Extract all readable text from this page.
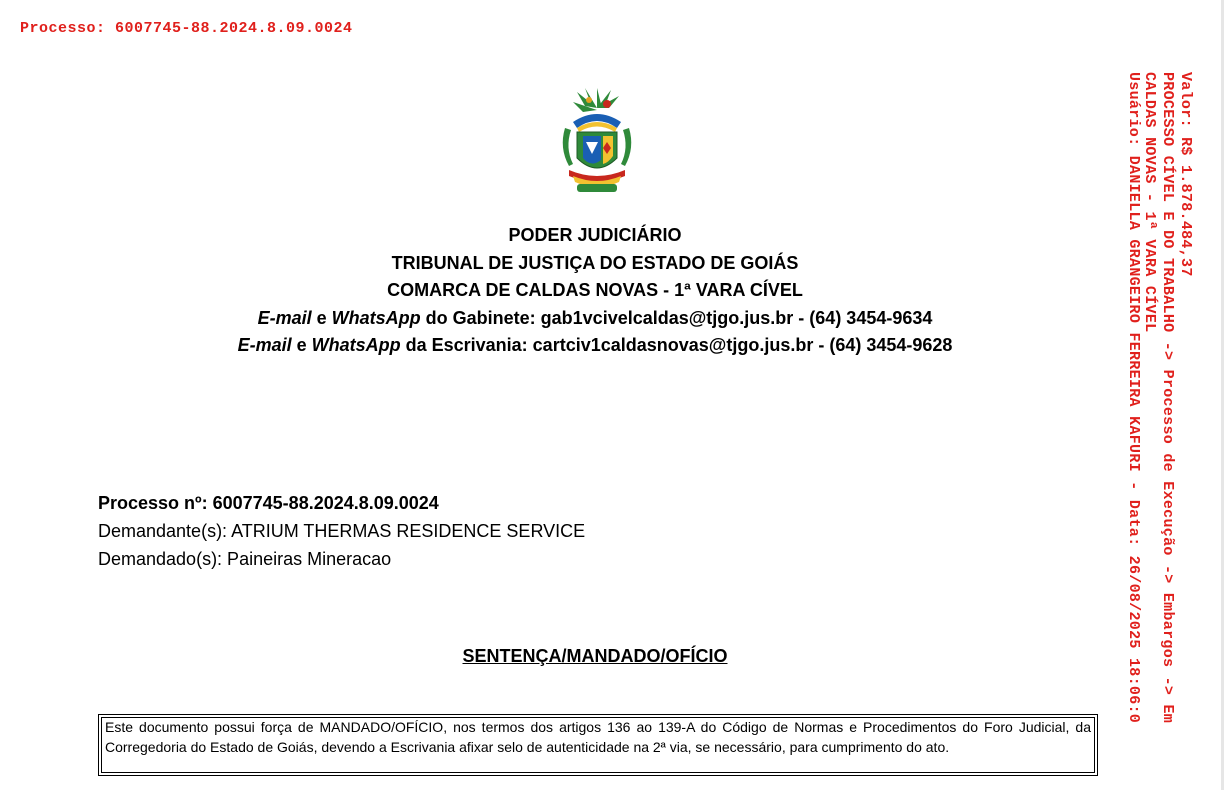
Processo: 6007745-88.2024.8.09.0024
Valor: R$ 1.878.484,37
PROCESSO CÍVEL E DO TRABALHO -> Processo de Execução -> Embargos -> Em
CALDAS NOVAS - 1ª VARA CÍVEL
Usuário: DANIELLA GRANGEIRO FERREIRA KAFURI - Data: 26/08/2025 18:06:0
PODER JUDICIÁRIO
TRIBUNAL DE JUSTIÇA DO ESTADO DE GOIÁS
COMARCA DE CALDAS NOVAS - 1ª VARA CÍVEL
E-mail e WhatsApp do Gabinete: gab1vcivelcaldas@tjgo.jus.br - (64) 3454-9634
E-mail e WhatsApp da Escrivania: cartciv1caldasnovas@tjgo.jus.br - (64) 3454-9628
Processo nº: 6007745-88.2024.8.09.0024
Demandante(s): ATRIUM THERMAS RESIDENCE SERVICE
Demandado(s): Paineiras Mineracao
SENTENÇA/MANDADO/OFÍCIO
Este documento possui força de MANDADO/OFÍCIO, nos termos dos artigos 136 ao 139-A do Código de Normas e Procedimentos do Foro Judicial, da Corregedoria do Estado de Goiás, devendo a Escrivania afixar selo de autenticidade na 2ª via, se necessário, para cumprimento do ato.
